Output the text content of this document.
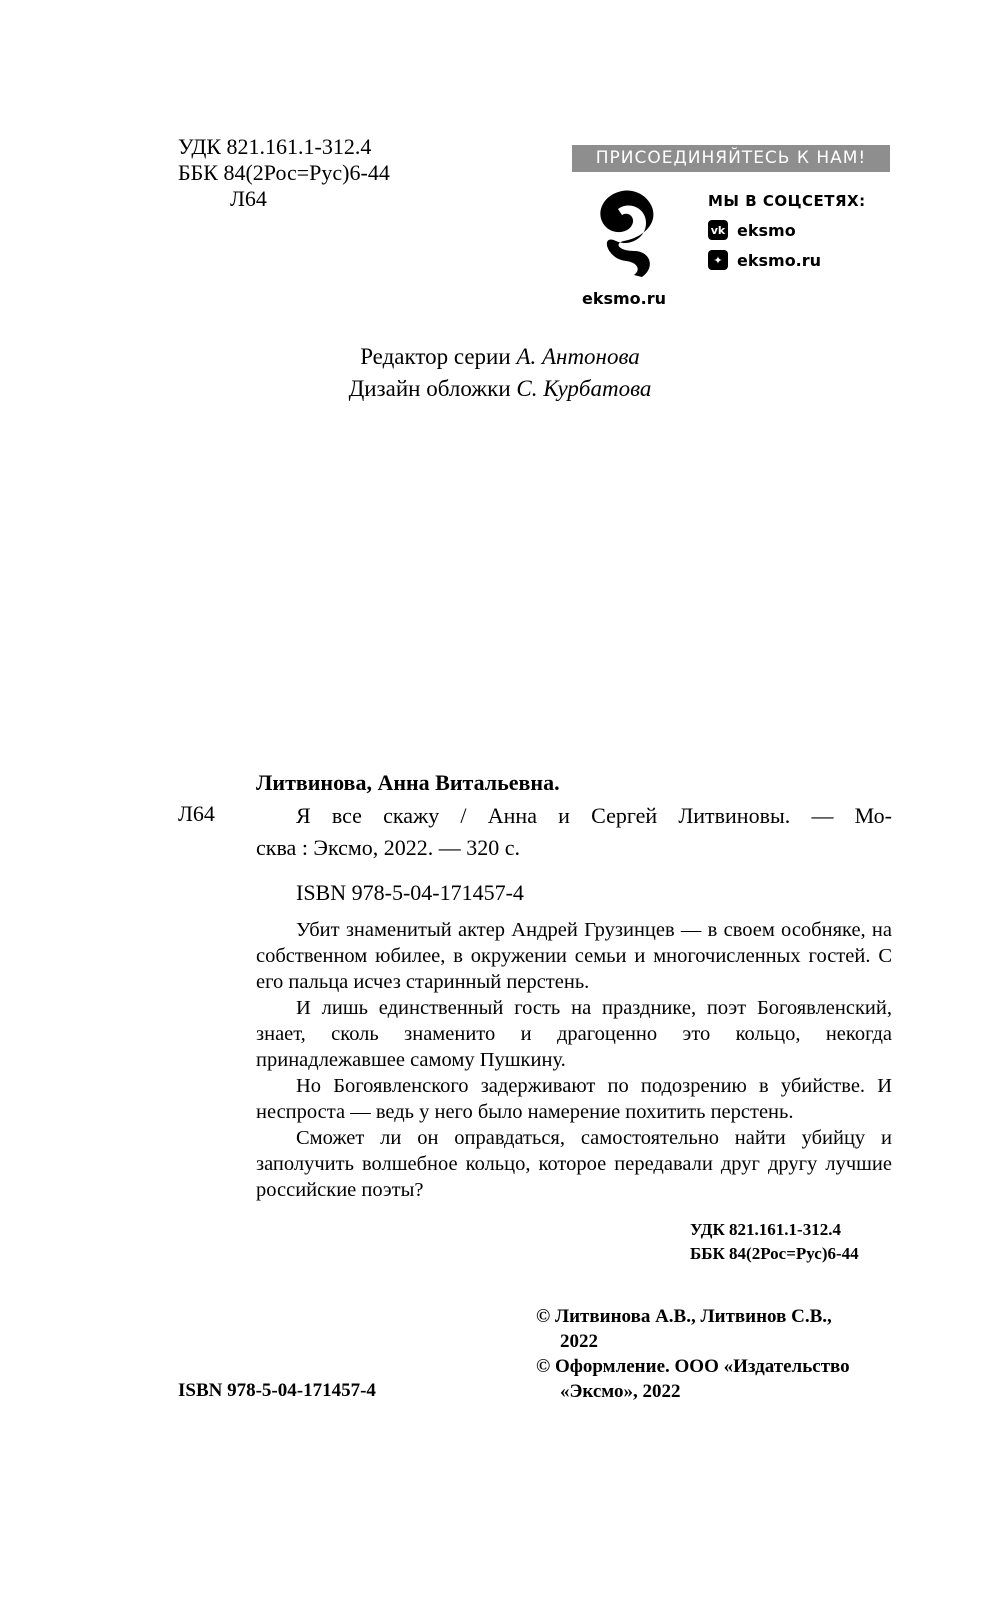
УДК 821.161.1-312.4
ББК 84(2Рос=Рус)6-44
Л64
ПРИСОЕДИНЯЙТЕСЬ К НАМ!
eksmo.ru
МЫ В СОЦСЕТЯХ:
vk eksmo
✦ eksmo.ru
Редактор серии А. Антонова
Дизайн обложки С. Курбатова
Литвинова, Анна Витальевна.
Л64	Я все скажу / Анна и Сергей Литвиновы. — Мо-
сква : Эксмо, 2022. — 320 с.
ISBN 978-5-04-171457-4

Убит знаменитый актер Андрей Грузинцев — в своем особняке, на собственном юбилее, в окружении семьи и многочисленных гостей. С его пальца исчез старинный перстень.

И лишь единственный гость на празднике, поэт Богоявленский, знает, сколь знаменито и драгоценно это кольцо, некогда принадлежавшее самому Пушкину.

Но Богоявленского задерживают по подозрению в убийстве. И неспроста — ведь у него было намерение похитить перстень.

Сможет ли он оправдаться, самостоятельно найти убийцу и заполучить волшебное кольцо, которое передавали друг другу лучшие российские поэты?

УДК 821.161.1-312.4
ББК 84(2Рос=Рус)6-44
© Литвинова А.В., Литвинов С.В.,
2022
© Оформление. ООО «Издательство
«Эксмо», 2022
ISBN 978-5-04-171457-4
